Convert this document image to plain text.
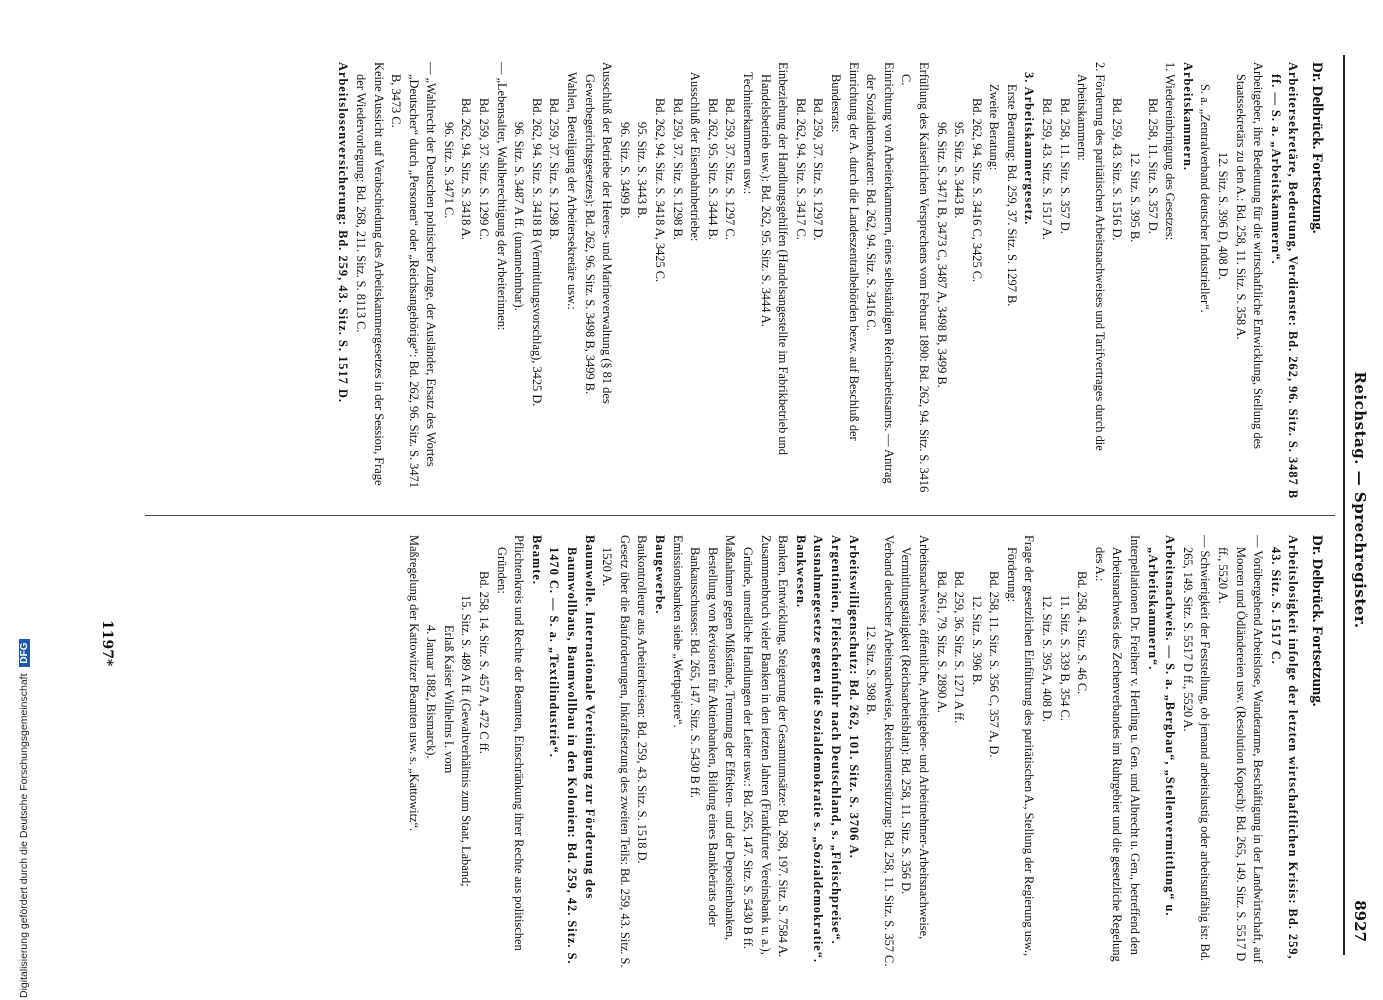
Reichstag. — Sprechregister.
8927
Dr. Delbrück. Fortsetzung.

Arbeitersekretäre, Bedeutung, Verdienste: Bd. 262, 96. Sitz. S. 3487 B ff. — S. a. „Arbeitskammern“.

Arbeitgeber, ihre Bedeutung für die wirtschaftliche Entwicklung, Stellung des Staatssekretärs zu den A.: Bd. 258, 11. Sitz. S. 358 A.

12. Sitz. S. 396 D, 408 D.

S. a. „Zentralverband deutscher Industrieller“.

Arbeitskammern.

1. Wiedereinbringung des Gesetzes:

Bd. 258, 11. Sitz. S. 357 D.

12. Sitz. S. 395 B.

Bd. 259, 43. Sitz. S. 1516 D.

2. Förderung des paritätischen Arbeitsnachweises und Tarifvertrages durch die Arbeitskammern:

Bd. 258, 11. Sitz. S. 357 D.

Bd. 259, 43. Sitz. S. 1517 A.

3. Arbeitskammergesetz.

Erste Beratung: Bd. 259, 37. Sitz. S. 1297 B.

Zweite Beratung:

Bd. 262, 94. Sitz. S. 3416 C, 3425 C.

95. Sitz. S. 3443 B.

96. Sitz. S. 3471 B, 3473 C, 3487 A, 3498 B, 3499 B.

Erfüllung des Kaiserlichen Versprechens vom Februar 1890: Bd. 262, 94. Sitz. S. 3416 C.

Einrichtung von Arbeiterkammern, eines selbständigen Reichsarbeitsamts. — Antrag der Sozialdemokraten: Bd. 262, 94. Sitz. S. 3416 C.

Einrichtung der A. durch die Landeszentralbehörden bezw. auf Beschluß der Bundesrats:

Bd. 259, 37. Sitz. S. 1297 D.

Bd. 262, 94. Sitz. S. 3417 C.

Einbeziehung der Handlungsgehilfen (Handelsangestellte im Fabrikbetrieb und Handelsbetrieb usw.): Bd. 262, 95. Sitz. S. 3444 A.

Techniterkammern usw.:

Bd. 259, 37. Sitz. S. 1297 C.

Bd. 262, 95. Sitz. S. 3444 B.

Ausschluß der Eisenbahnbetriebe:

Bd. 259, 37. Sitz. S. 1298 B.

Bd. 262, 94. Sitz. S. 3418 A, 3425 C.

95. Sitz. S. 3443 B.

96. Sitz. S. 3499 B.

Ausschluß der Betriebe der Heeres- und Marineverwaltung (§ 81 des Gewerbegerichtsgesetzes): Bd. 262, 96. Sitz. S. 3498 B, 3499 B.

Wahlen, Beteiligung der Arbeitersekretäre usw.:

Bd. 259, 37. Sitz. S. 1298 B.

Bd. 262, 94. Sitz. S. 3418 B (Vermittlungsvorschlag), 3425 D.

96. Sitz. S. 3487 A ff. (unannehmbar).

— „Lebensalter, Wahlberechtigung der Arbeiterinnen:

Bd. 259, 37. Sitz. S. 1299 C.

Bd. 262, 94. Sitz. S. 3418 A.

96. Sitz. S. 3471 C.

— „Wahlrecht der Deutschen polnischer Zunge, der Ausländer, Ersatz des Wortes „Deutscher“ durch „Personen“ oder „Reichsangehörige“: Bd. 262, 96. Sitz. S. 3471 B, 3473 C.

Keine Aussicht auf Verabschiedung des Arbeitskammergesetzes in der Session, Frage der Wiedervorlegung: Bd. 268, 211. Sitz. S. 8113 C.

Arbeitslosenversicherung: Bd. 259, 43. Sitz. S. 1517 D.

Dr. Delbrück. Fortsetzung.

Arbeitslosigkeit infolge der letzten wirtschaftlichen Krisis: Bd. 259, 43. Sitz. S. 1517 C.

— Vorübergehend Arbeitslose, Wanderarme, Beschäftigung in der Landwirtschaft, auf Mooren und Ödländereien usw. (Resolution Kopsch): Bd. 265, 149. Sitz. S. 5517 D ff., 5520 A.

— Schwierigkeit der Feststellung, ob jemand arbeitslustig oder arbeitsunfähig ist: Bd. 265, 149. Sitz. S. 5517 D ff., 5520 A.

Arbeitsnachweis. — S. a. „Bergbau“, „Stellenvermittlung“ u. „Arbeitskammern“.

Interpellationen Dr. Freiherr v. Hertling u. Gen. und Albrecht u. Gen., betreffend den Arbeitsnachweis des Zechenverbandes im Ruhrgebiet und die gesetzliche Regelung des A.:

Bd. 258, 4. Sitz. S. 46 C.

11. Sitz. S. 339 B, 354 C.

12. Sitz. S. 395 A, 408 D.

Frage der gesetzlichen Einführung des paritätischen A., Stellung der Regierung usw., Förderung:

Bd. 258, 11. Sitz. S. 356 C, 357 A, D.

12. Sitz. S. 396 B.

Bd. 259, 36. Sitz. S. 1271 A ff.

Bd. 261, 79. Sitz. S. 2890 A.

Arbeitsnachweise, öffentliche, Arbeitgeber- und Arbeitnehmer-Arbeitsnachweise, Vermittlungstätigkeit (Reichsarbeitsblatt): Bd. 258, 11. Sitz. S. 356 D.

Verband deutscher Arbeitsnachweise, Reichsunterstützung: Bd. 258, 11. Sitz. S. 357 C.

12. Sitz. S. 398 B.

Arbeitswilligenschutz: Bd. 262, 101. Sitz. S. 3706 A.

Argentinien, Fleischeinfuhr nach Deutschland, s. „Fleischpreise“.

Ausnahmegesetze gegen die Sozialdemokratie s. „Sozialdemokratie“.

Bankwesen.

Banken, Entwicklung, Steigerung der Gesamtumsätze: Bd. 268, 197. Sitz. S. 7584 A.

Zusammenbruch vieler Banken in den letzten Jahren (Frankfurter Vereinsbank u. a.), Gründe, unredliche Handlungen der Leiter usw.: Bd. 265, 147. Sitz. S. 5430 B ff.

Maßnahmen gegen Mißstände, Trennung der Effekten- und der Depositenbanken, Bestellung von Revisoren für Aktienbanken, Bildung eines Bankbeirats oder Bankausschusses: Bd. 265, 147. Sitz. S. 5430 B ff.

Emissionsbanken siehe „Wertpapiere“.

Baugewerbe.

Baukontrolleure aus Arbeiterkreisen: Bd. 259, 43. Sitz. S. 1518 D.

Gesetz über die Bauforderungen, Inkraftsetzung des zweiten Teils: Bd. 259, 43. Sitz. S. 1520 A.

Baumwolle. Internationale Vereinigung zur Förderung des Baumwollbaus, Baumwollbau in den Kolonien: Bd. 259, 42. Sitz. S. 1470 C. — S. a. „Textilindustrie“.

Beamte.

Pflichtenkreis und Rechte der Beamten, Einschränkung ihrer Rechte aus politischen Gründen:

Bd. 258, 14. Sitz. S. 457 A, 472 C ff.

15. Sitz. S. 489 A ff. (Gewaltverhältnis zum Staat, Laband;

Erlaß Kaiser Wilhelms I. vom

4. Januar 1882, Bismarck).

Maßregelung der Kattowitzer Beamten usw. s. „Kattowitz“.

1197*
Digitalisierung gefördert durch die Deutsche Forschungsgemeinschaft DFG
